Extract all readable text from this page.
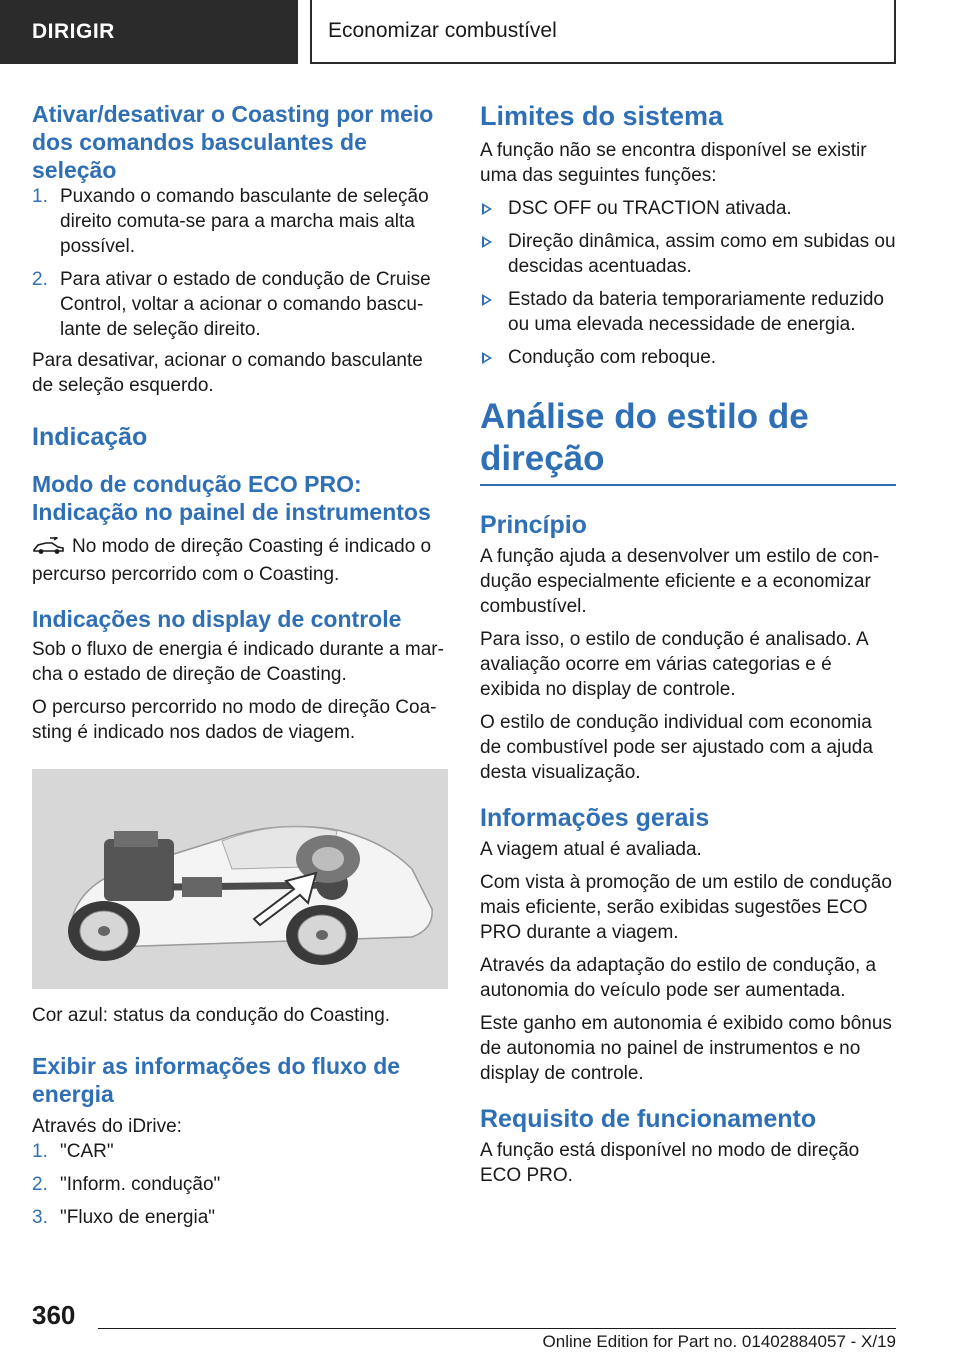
DIRIGIR	Economizar combustível
Ativar/desativar o Coasting por meio dos comandos basculantes de seleção
1. Puxando o comando basculante de seleção direito comuta-se para a marcha mais alta possível.
2. Para ativar o estado de condução de Cruise Control, voltar a acionar o comando bascu-lante de seleção direito.

Para desativar, acionar o comando basculante de seleção esquerdo.

Indicação
Modo de condução ECO PRO: Indicação no painel de instrumentos

No modo de direção Coasting é indicado o percurso percorrido com o Coasting.

Indicações no display de controle

Sob o fluxo de energia é indicado durante a mar-cha o estado de direção de Coasting.

O percurso percorrido no modo de direção Coa-sting é indicado nos dados de viagem.

Cor azul: status da condução do Coasting.

Exibir as informações do fluxo de energia

Através do iDrive:

1. "CAR"
2. "Inform. condução"
3. "Fluxo de energia"
Limites do sistema

A função não se encontra disponível se existir uma das seguintes funções:

DSC OFF ou TRACTION ativada.
Direção dinâmica, assim como em subidas ou descidas acentuadas.
Estado da bateria temporariamente reduzido ou uma elevada necessidade de energia.
Condução com reboque.
Análise do estilo de direção
Princípio

A função ajuda a desenvolver um estilo de con-dução especialmente eficiente e a economizar combustível.

Para isso, o estilo de condução é analisado. A avaliação ocorre em várias categorias e é exibida no display de controle.

O estilo de condução individual com economia de combustível pode ser ajustado com a ajuda desta visualização.

Informações gerais

A viagem atual é avaliada.

Com vista à promoção de um estilo de condução mais eficiente, serão exibidas sugestões ECO PRO durante a viagem.

Através da adaptação do estilo de condução, a autonomia do veículo pode ser aumentada.

Este ganho em autonomia é exibido como bônus de autonomia no painel de instrumentos e no display de controle.

Requisito de funcionamento

A função está disponível no modo de direção ECO PRO.

360
Online Edition for Part no. 01402884057 - X/19
